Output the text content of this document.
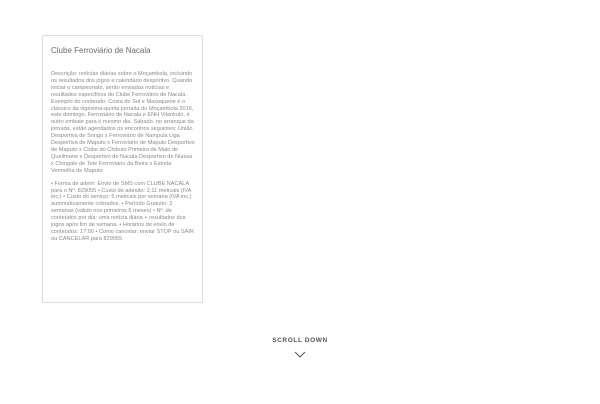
Clube Ferroviário de Nacala

Descrição: notícias diárias sobre o Moçambola, incluindo os resultados dos jogos e calendário desportivo. Quando iniciar o campeonato, serão enviadas notícias e resultados específicos do Clube Ferroviário de Nacala.

Exemplo do conteúdo: Costa do Sol e Maxaquene é o clássico da vigésima-quinta jornada do Moçambola 2016, este domingo. Ferroviário de Nacala e ENH Vilankulo, é outro embate para o mesmo dia. Sábado, no arranque da jornada, estão agendados os encontros seguintes: União Desportiva de Songo x Ferroviário de Nampula Liga Desportiva de Maputo x Ferroviário de Maputo Desportivo de Maputo x Clube do Chibuto Primeiro de Maio de Quelimane x Desportivo de Nacala Desportivo de Niassa x Chingale de Tete Ferroviário da Beira x Estrela Vermelha de Maputo

• Forma de aderir: Envio de SMS com CLUBE NACALA para o Nº. 829055 • Custo de adesão: 2,11 meticais (IVA inc.) • Custo do serviço: 5 meticais por semana (IVA inc.) automaticamente cobrados. • Período Gratuito: 2 semanas (válido nos primeiros 6 meses) • Nº. de conteúdos por dia: uma notícia diária + resultados dos jogos após fim de semana. • Horários de envio de conteúdos: 17:00 • Como cancelar: enviar STOP ou SAIR ou CANCELAR para 829055

SCROLL DOWN
